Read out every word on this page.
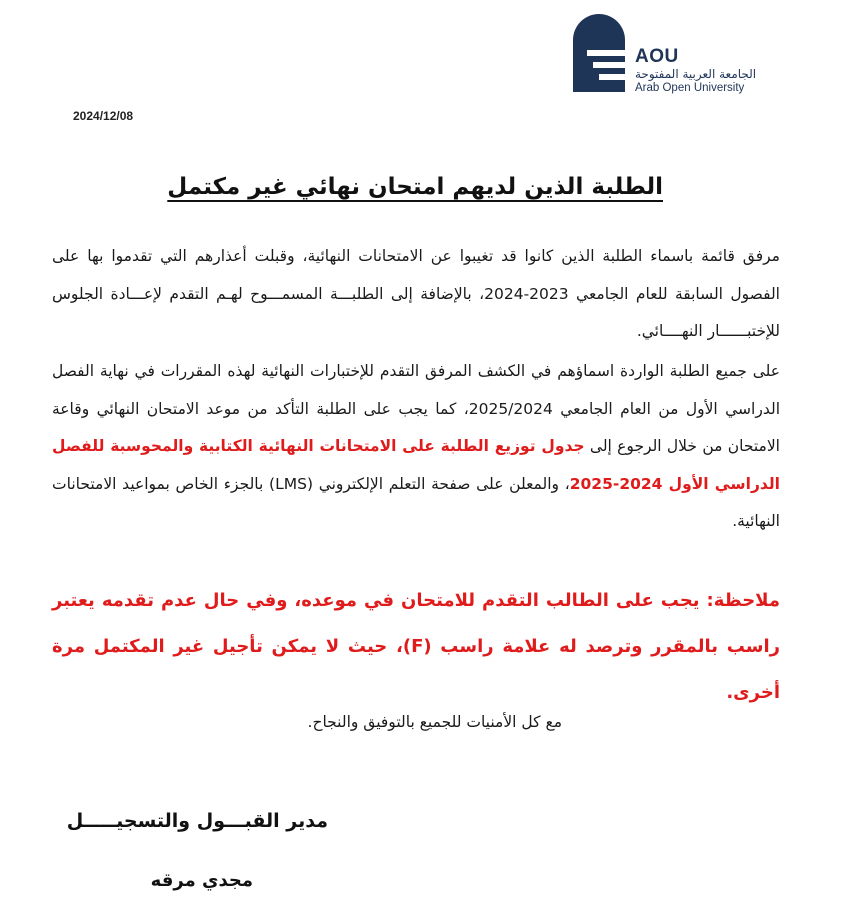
AOU
الجامعة العربية المفتوحة
Arab Open University
2024/12/08
الطلبة الذين لديهم امتحان نهائي غير مكتمل
مرفق قائمة باسماء الطلبة الذين كانوا قد تغيبوا عن الامتحانات النهائية، وقبلت أعذارهم التي تقدموا بها على الفصول السابقة للعام الجامعي 2023-2024، بالإضافة إلى الطلبـــة المسمـــوح لهـم التقدم لإعـــادة الجلوس للإختبــــــار النهــــائي.
على جميع الطلبة الواردة اسماؤهم في الكشف المرفق التقدم للإختبارات النهائية لهذه المقررات في نهاية الفصل الدراسي الأول من العام الجامعي 2025/2024، كما يجب على الطلبة التأكد من موعد الامتحان النهائي وقاعة الامتحان من خلال الرجوع إلى جدول توزيع الطلبة على الامتحانات النهائية الكتابية والمحوسبة للفصل الدراسي الأول 2024-2025، والمعلن على صفحة التعلم الإلكتروني (LMS) بالجزء الخاص بمواعيد الامتحانات النهائية.
ملاحظة: يجب على الطالب التقدم للامتحان في موعده، وفي حال عدم تقدمه يعتبر راسب بالمقرر وترصد له علامة راسب (F)، حيث لا يمكن تأجيل غير المكتمل مرة أخرى.
مع كل الأمنيات للجميع بالتوفيق والنجاح.
مدير القبـــول والتسجيـــــل
مجدي مرقه
